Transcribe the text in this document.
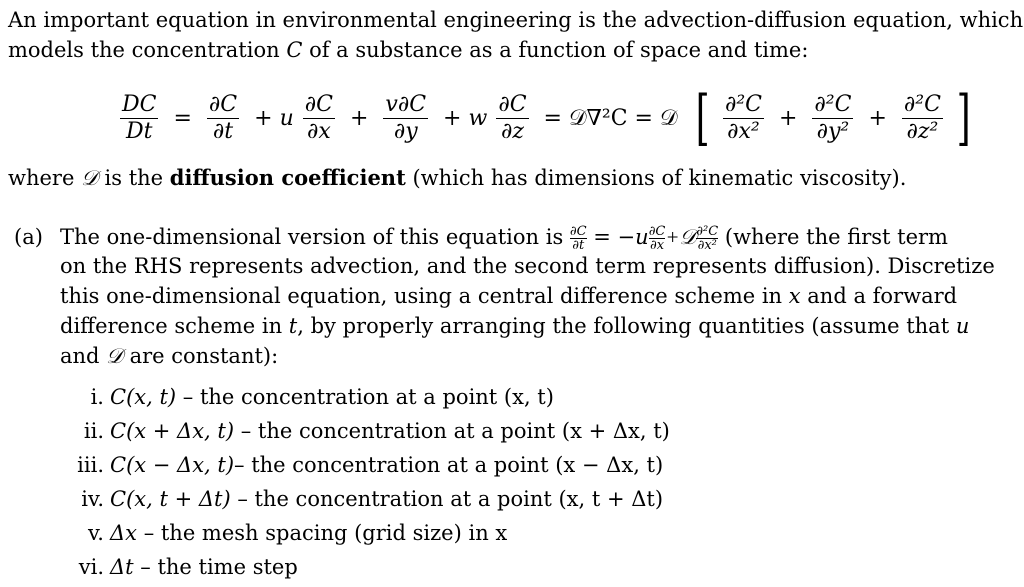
An important equation in environmental engineering is the advection-diffusion equation, which
models the concentration C of a substance as a function of space and time:
$\frac{DC}{Dt} = \frac{\partial C}{\partial t} + u \frac{\partial C}{\partial x} + \frac{v\partial C}{\partial y} + w \frac{\partial C}{\partial z}$ = 𝒟∇²C = 𝒟 [ $\frac{\text{∂²C}}{\text{∂x²}} + \frac{\text{∂²C}}{\text{∂y²}} + \frac{\text{∂²C}}{\text{∂z²}}$ ]
where 𝒟 is the diffusion coefficient (which has dimensions of kinematic viscosity).
(a) The one-dimensional version of this equation is $\frac{\partial C}{\partial t} = -u \frac{\partial C}{\partial x}$ +𝒟 $\frac{\text{∂²C}}{\text{∂x²}}$ (where the first term
on the RHS represents advection, and the second term represents diffusion). Discretize
this one-dimensional equation, using a central difference scheme in x and a forward
difference scheme in t, by properly arranging the following quantities (assume that u
and 𝒟 are constant):
i. C(x, t) – the concentration at a point (x, t)
ii. C(x + Δx, t) – the concentration at a point (x + Δx, t)
iii. C(x − Δx, t)– the concentration at a point (x − Δx, t)
iv. C(x, t + Δt) – the concentration at a point (x, t + Δt)
v. Δx – the mesh spacing (grid size) in x
vi. Δt – the time step
